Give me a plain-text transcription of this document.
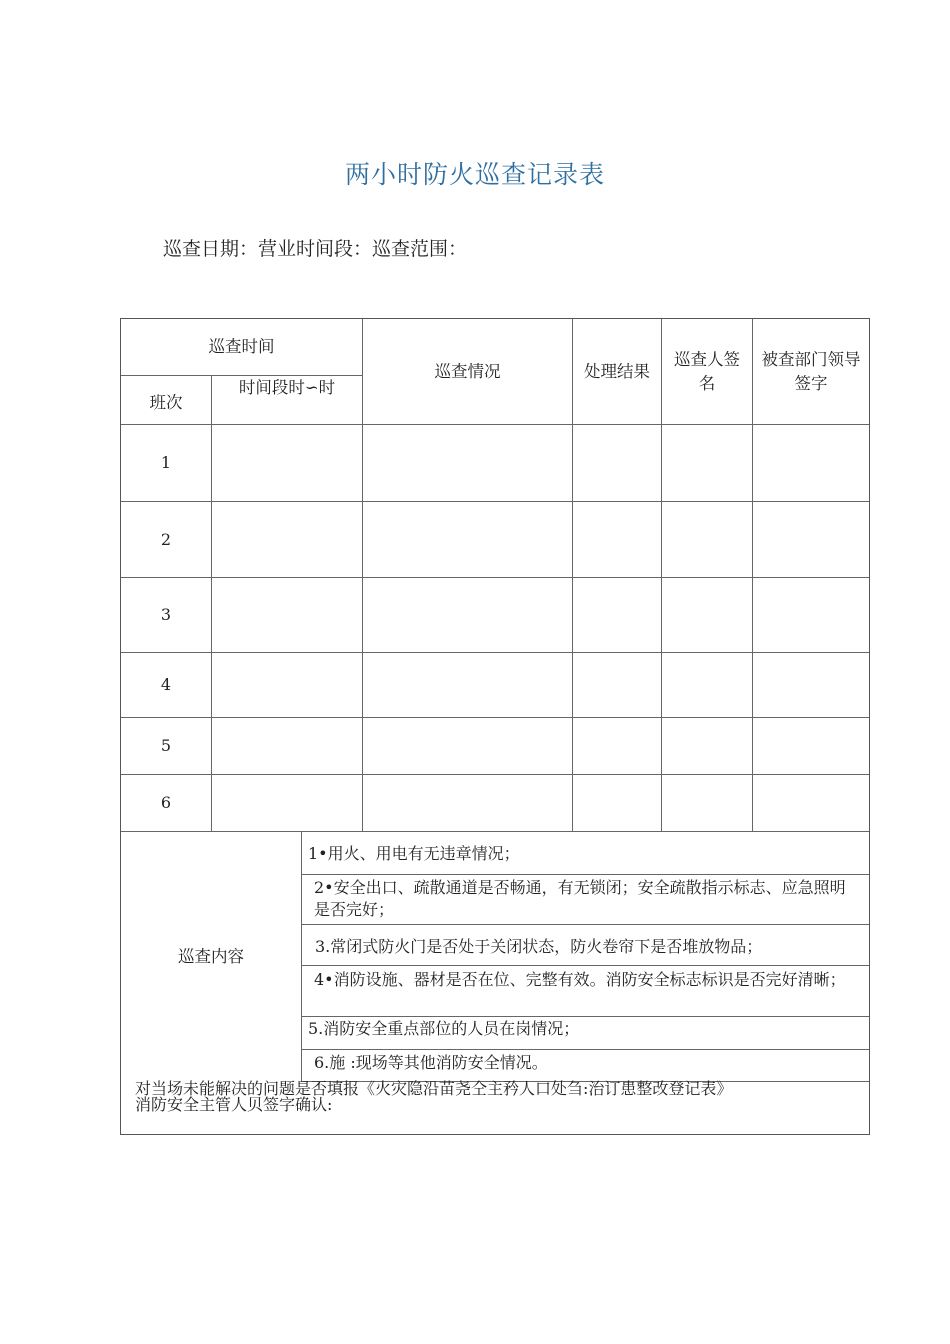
两小时防火巡查记录表
巡查日期：营业时间段：巡查范围：
巡查时间
班次
时间段时∽时
巡查情况	处理结果
巡查人签名
被查部门领导签字
1
2
3
4
5
6
巡查内容
1•用火、用电有无违章情况；
2•安全出口、疏散通道是否畅通，有无锁闭；安全疏散指示标志、应急照明是否完好；
3.常闭式防火门是否处于关闭状态，防火卷帘下是否堆放物品；
4•消防设施、器材是否在位、完整有效。消防安全标志标识是否完好清晰；
5.消防安全重点部位的人员在岗情况；
6.施 :现场等其他消防安全情况。
对当场未能解决的问题是否填报《火灾隐沿苗尧仝主矜人口处刍:治订患整改登记表》
消防安全主管人贝签字确认:
